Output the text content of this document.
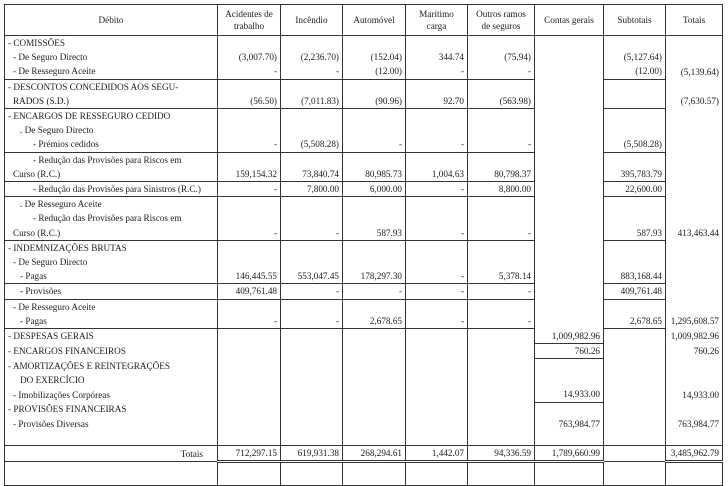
Débito	Acidentes de trabalho	Incêndio	Automóvel	Marítimo carga	Outros ramos de seguros	Contas gerais	Subtotais	Totais
- COMISSÕES								
- De Seguro Directo	(3,007.70)	(2,236.70)	(152.04)	344.74	(75.94)		(5,127.64)	
- De Resseguro Aceite	-	-	(12.00)	-	-		(12.00)	(5,139.64)
- DESCONTOS CONCEDIDOS AOS SEGU-								
RADOS (S.D.)	(56.50)	(7,011.83)	(90.96)	92.70	(563.98)			(7,630.57)
- ENCARGOS DE RESSEGURO CEDIDO								
. De Seguro Directo								
- Prémios cedidos	-	(5,508.28)	-	-	-		(5,508.28)	
- Redução das Provisões para Riscos em								
Curso (R.C.)	159,154.32	73,840.74	80,985.73	1,004.63	80,798.37		395,783.79	
- Redução das Provisões para Sinistros (R.C.)	-	7,800.00	6,000.00	-	8,800.00		22,600.00	
. De Resseguro Aceite								
- Redução das Provisões para Riscos em								
Curso (R.C.)	-	-	587.93	-	-		587.93	413,463.44
- INDEMNIZAÇÕES BRUTAS								
- De Seguro Directo								
- Pagas	146,445.55	553,047.45	178,297.30	-	5,378.14		883,168.44	
- Provisões	409,761.48	-	-	-	-		409,761.48	
- De Resseguro Aceite								
- Pagas	-	-	2,678.65	-	-		2,678.65	1,295,608.57
- DESPESAS GERAIS						1,009,982.96		1,009,982.96
- ENCARGOS FINANCEIROS						760.26		760.26
- AMORTIZAÇÕES E REINTEGRAÇÕES								
DO EXERCÍCIO								
- Imobilizações Corpóreas						14,933.00		14,933.00
- PROVISÕES FINANCEIRAS								
- Provisões Diversas						763,984.77		763,984.77

Totais	712,297.15	619,931.38	268,294.61	1,442.07	94,336.59	1,789,660.99		3,485,962.79
